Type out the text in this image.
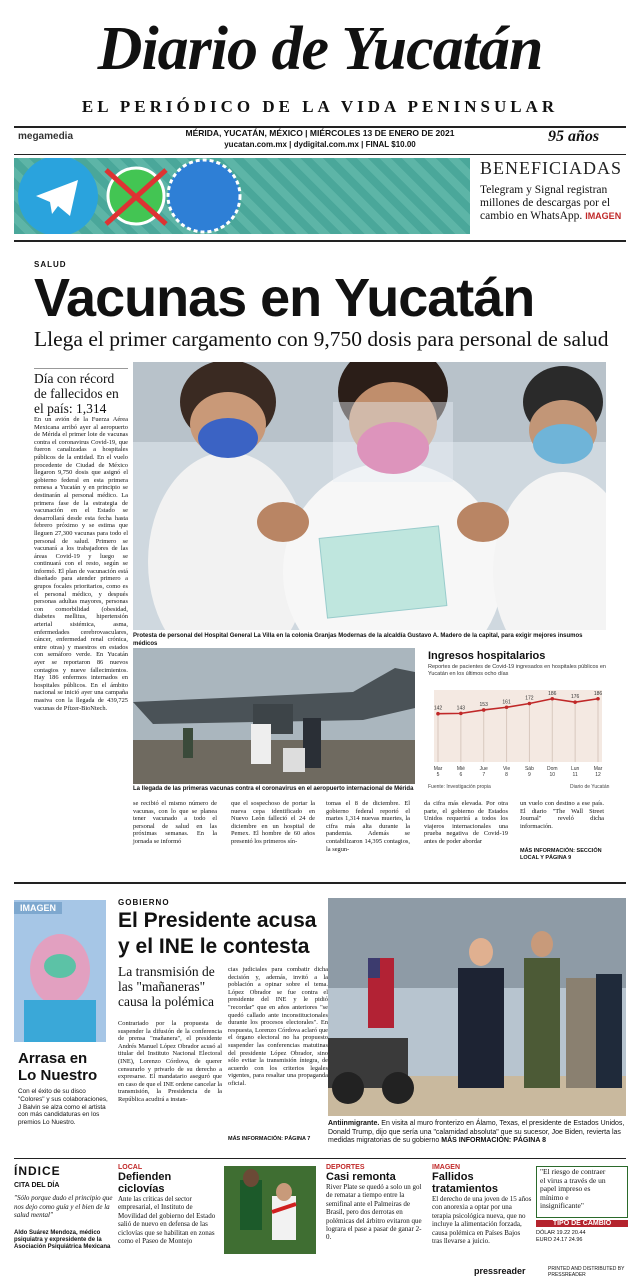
Diario de Yucatán
EL PERIÓDICO DE LA VIDA PENINSULAR
megamedia	MÉRIDA, YUCATÁN, MÉXICO | MIÉRCOLES 13 DE ENERO DE 2021
yucatan.com.mx | dydigital.com.mx | FINAL $10.00	95 años
BENEFICIADAS
Telegram y Signal registran millones de descargas por el cambio en WhatsApp. IMAGEN
SALUD
Vacunas en Yucatán
Llega el primer cargamento con 9,750 dosis para personal de salud
Día con récord de fallecidos en el país: 1,314
En un avión de la Fuerza Aérea Mexicana arribó ayer al aeropuerto de Mérida el primer lote de vacunas contra el coronavirus Covid-19, que fueron canalizadas a hospitales públicos de la entidad. En el vuelo procedente de Ciudad de México llegaron 9,750 dosis que asignó el gobierno federal en esta primera remesa a Yucatán y en principio se destinarán al personal médico. La primera fase de la estrategia de vacunación en el Estado se desarrollará desde esta fecha hasta febrero próximo y se estima que lleguen 27,300 vacunas para todo el personal de salud. Primero se vacunará a los trabajadores de las áreas Covid-19 y luego se continuará con el resto, según se informó. El plan de vacunación está diseñado para atender primero a grupos focales prioritarios, como es el personal médico, y después personas adultas mayores, personas con comorbilidad (obesidad, diabetes mellitus, hipertensión arterial sistémica, asma, enfermedades cerebrovasculares, cáncer, enfermedad renal crónica, entre otras) y maestros en estados con semáforo verde. En Yucatán ayer se reportaron 86 nuevos contagios y nueve fallecimientos. Hay 186 enfermos internados en hospitales públicos. En el ámbito nacional se inició ayer una campaña masiva con la llegada de 439,725 vacunas de Pfizer-BioNtech.
Protesta de personal del Hospital General La Villa en la colonia Granjas Modernas de la alcaldía Gustavo A. Madero de la capital, para exigir mejores insumos médicos
La llegada de las primeras vacunas contra el coronavirus en el aeropuerto internacional de Mérida
Ingresos hospitalarios
Reportes de pacientes de Covid-19 ingresados en hospitales públicos en Yucatán en los últimos ocho días
142	143
153	161
172
186
176
186
Mar
5
Mié
6
Jue
7
Vie
8
Sáb
9
Dom
10
Lun
11
Mar
12
Fuente: Investigación propia	Diario de Yucatán
se recibió el mismo número de vacunas, con lo que se planea tener vacunado a todo el personal de salud en las próximas semanas. En la jornada se informó
que el sospechoso de portar la nueva cepa identificado en Nuevo León falleció el 24 de diciembre en un hospital de Pemex. El hombre de 60 años presentó los primeros sín-
tomas el 8 de diciembre. El gobierno federal reportó el martes 1,314 nuevas muertes, la cifra más alta durante la pandemia. Además se contabilizaron 14,395 contagios, la segun-
da cifra más elevada. Por otra parte, el gobierno de Estados Unidos requerirá a todos los viajeros internacionales una prueba negativa de Covid-19 antes de poder abordar
un vuelo con destino a ese país. El diario "The Wall Street Journal" reveló dicha información.
MÁS INFORMACIÓN: SECCIÓN LOCAL Y PÁGINA 9
IMAGEN
Arrasa en Lo Nuestro
Con el éxito de su disco "Colores" y sus colaboraciones, J Balvin se alza como el artista con más candidaturas en los premios Lo Nuestro.
GOBIERNO
El Presidente acusa y el INE le contesta
La transmisión de las "mañaneras" causa la polémica
Contrariado por la propuesta de suspender la difusión de la conferencia de prensa "mañanera", el presidente Andrés Manuel López Obrador acusó al titular del Instituto Nacional Electoral (INE), Lorenzo Córdova, de querer censurarlo y privarlo de su derecho a expresarse. El mandatario aseguró que en caso de que el INE ordene cancelar la transmisión, la Presidencia de la República acudirá a instan-
cias judiciales para combatir dicha decisión y, además, invitó a la población a opinar sobre el tema. López Obrador se fue contra el presidente del INE y le pidió "recordar" que en años anteriores "se quedó callado ante inconstitucionales durante los procesos electorales". En respuesta, Lorenzo Córdova aclaró que el órgano electoral no ha propuesto suspender las conferencias matutinas del presidente López Obrador, sino sólo evitar la transmisión íntegra, de acuerdo con los criterios legales vigentes, para resaltar una propaganda oficial.
MÁS INFORMACIÓN: PÁGINA 7
Antiinmigrante. En visita al muro fronterizo en Álamo, Texas, el presidente de Estados Unidos, Donald Trump, dijo que sería una "calamidad absoluta" que su sucesor, Joe Biden, revierta las medidas migratorias de su gobierno MÁS INFORMACIÓN: PÁGINA 8
ÍNDICE
CITA DEL DÍA
"Sólo porque dudo el principio que nos dejo como guía y el bien de la salud mental"
Aldo Suárez Mendoza, médico psiquiatra y expresidente de la Asociación Psiquiátrica Mexicana
LOCAL
Defienden ciclovías
Ante las críticas del sector empresarial, el Instituto de Movilidad del gobierno del Estado salió de nuevo en defensa de las ciclovías que se habilitan en zonas como el Paseo de Montejo
DEPORTES
Casi remonta
River Plate se quedó a solo un gol de rematar a tiempo entre la semifinal ante el Palmeiras de Brasil, pero dos derrotas en polémicas del árbitro evitaron que lograra el pase a pasar de ganar 2-0.
IMAGEN
Fallidos tratamientos
El derecho de una joven de 15 años con anorexia a optar por una terapia psicológica nueva, que no incluye la alimentación forzada, causa polémica en Países Bajos tras llevarse a juicio.
"El riesgo de contraer el virus a través de un papel impreso es mínimo e insignificante"
TIPO DE CAMBIO
DÓLAR 19.22 20.44
EURO 24.17 24.96
pressreader	PRINTED AND DISTRIBUTED BY PRESSREADER
